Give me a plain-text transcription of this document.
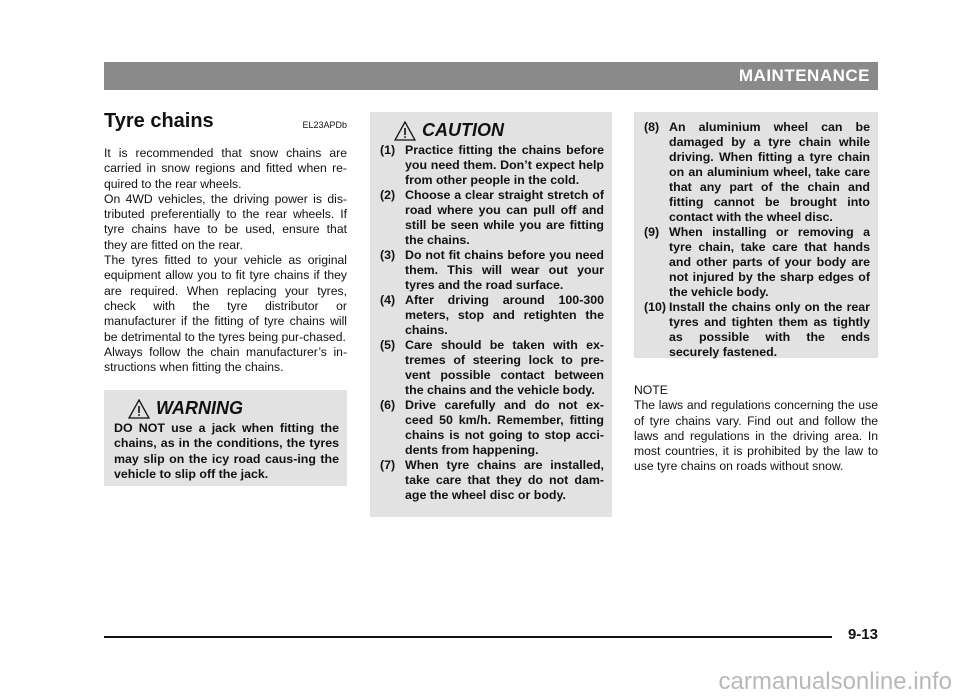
MAINTENANCE
Tyre chains	EL23APDb

It is recommended that snow chains are carried in snow regions and fitted when re-quired to the rear wheels.

On 4WD vehicles, the driving power is dis-tributed preferentially to the rear wheels. If tyre chains have to be used, ensure that they are fitted on the rear.

The tyres fitted to your vehicle as original equipment allow you to fit tyre chains if they are required. When replacing your tyres, check with the tyre distributor or manufacturer if the fitting of tyre chains will be detrimental to the tyres being pur-chased.

Always follow the chain manufacturer’s in-structions when fitting the chains.

WARNING
DO NOT use a jack when fitting the chains, as in the conditions, the tyres may slip on the icy road caus-ing the vehicle to slip off the jack.
CAUTION
(1) Practice fitting the chains before you need them. Don’t expect help from other people in the cold.
(2) Choose a clear straight stretch of road where you can pull off and still be seen while you are fitting the chains.
(3) Do not fit chains before you need them. This will wear out your tyres and the road surface.
(4) After driving around 100-300 meters, stop and retighten the chains.
(5) Care should be taken with ex-tremes of steering lock to pre-vent possible contact between the chains and the vehicle body.
(6) Drive carefully and do not ex-ceed 50 km/h. Remember, fitting chains is not going to stop acci-dents from happening.
(7) When tyre chains are installed, take care that they do not dam-age the wheel disc or body.
(8) An aluminium wheel can be damaged by a tyre chain while driving. When fitting a tyre chain on an aluminium wheel, take care that any part of the chain and fitting cannot be brought into contact with the wheel disc.
(9) When installing or removing a tyre chain, take care that hands and other parts of your body are not injured by the sharp edges of the vehicle body.
(10) Install the chains only on the rear tyres and tighten them as tightly as possible with the ends securely fastened.

NOTE

The laws and regulations concerning the use of tyre chains vary. Find out and follow the laws and regulations in the driving area. In most countries, it is prohibited by the law to use tyre chains on roads without snow.

9-13
carmanualsonline.info
